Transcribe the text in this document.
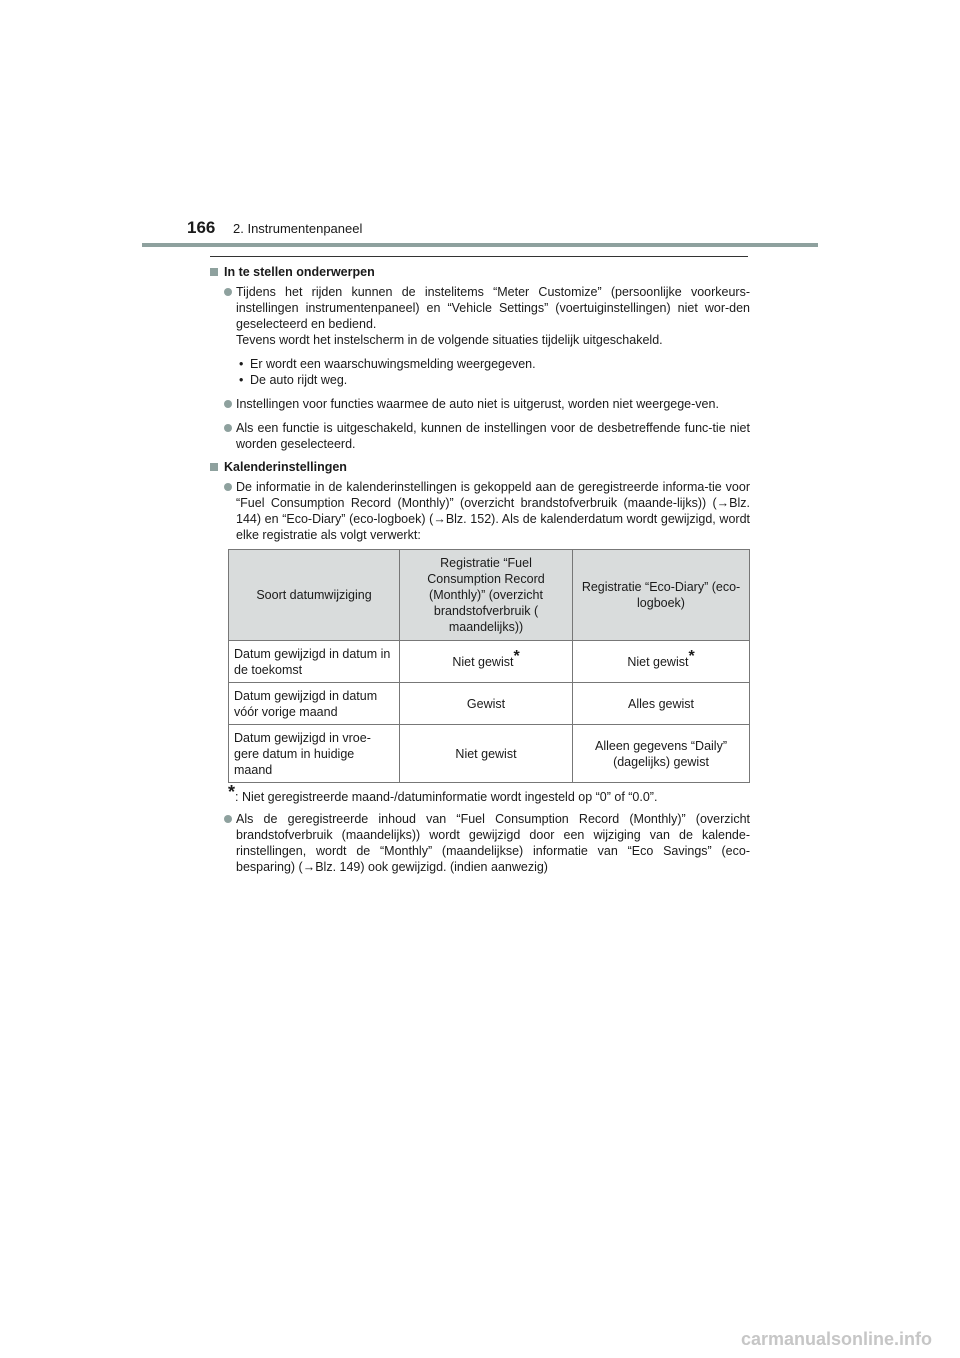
166 2. Instrumentenpaneel
In te stellen onderwerpen
Tijdens het rijden kunnen de instelitems “Meter Customize” (persoonlijke voorkeurs-instellingen instrumentenpaneel) en “Vehicle Settings” (voertuiginstellingen) niet wor-den geselecteerd en bediend.
Tevens wordt het instelscherm in de volgende situaties tijdelijk uitgeschakeld.
• Er wordt een waarschuwingsmelding weergegeven.
• De auto rijdt weg.
Instellingen voor functies waarmee de auto niet is uitgerust, worden niet weergege-ven.
Als een functie is uitgeschakeld, kunnen de instellingen voor de desbetreffende func-tie niet worden geselecteerd.
Kalenderinstellingen
De informatie in de kalenderinstellingen is gekoppeld aan de geregistreerde informa-tie voor “Fuel Consumption Record (Monthly)” (overzicht brandstofverbruik (maande-lijks)) (→Blz. 144) en “Eco-Diary” (eco-logboek) (→Blz. 152). Als de kalenderdatum wordt gewijzigd, wordt elke registratie als volgt verwerkt:
Soort datumwijziging	Registratie “Fuel Consumption Record (Monthly)” (overzicht brandstofverbruik ( maandelijks))	Registratie “Eco-Diary” (eco-logboek)
Datum gewijzigd in datum in de toekomst	Niet gewist*	Niet gewist*
Datum gewijzigd in datum vóór vorige maand	Gewist	Alles gewist
Datum gewijzigd in vroe-gere datum in huidige maand	Niet gewist	Alleen gegevens “Daily” (dagelijks) gewist
*: Niet geregistreerde maand-/datuminformatie wordt ingesteld op “0” of “0.0”.
Als de geregistreerde inhoud van “Fuel Consumption Record (Monthly)” (overzicht brandstofverbruik (maandelijks)) wordt gewijzigd door een wijziging van de kalende-rinstellingen, wordt de “Monthly” (maandelijkse) informatie van “Eco Savings” (eco-besparing) (→Blz. 149) ook gewijzigd. (indien aanwezig)
carmanualsonline.info
